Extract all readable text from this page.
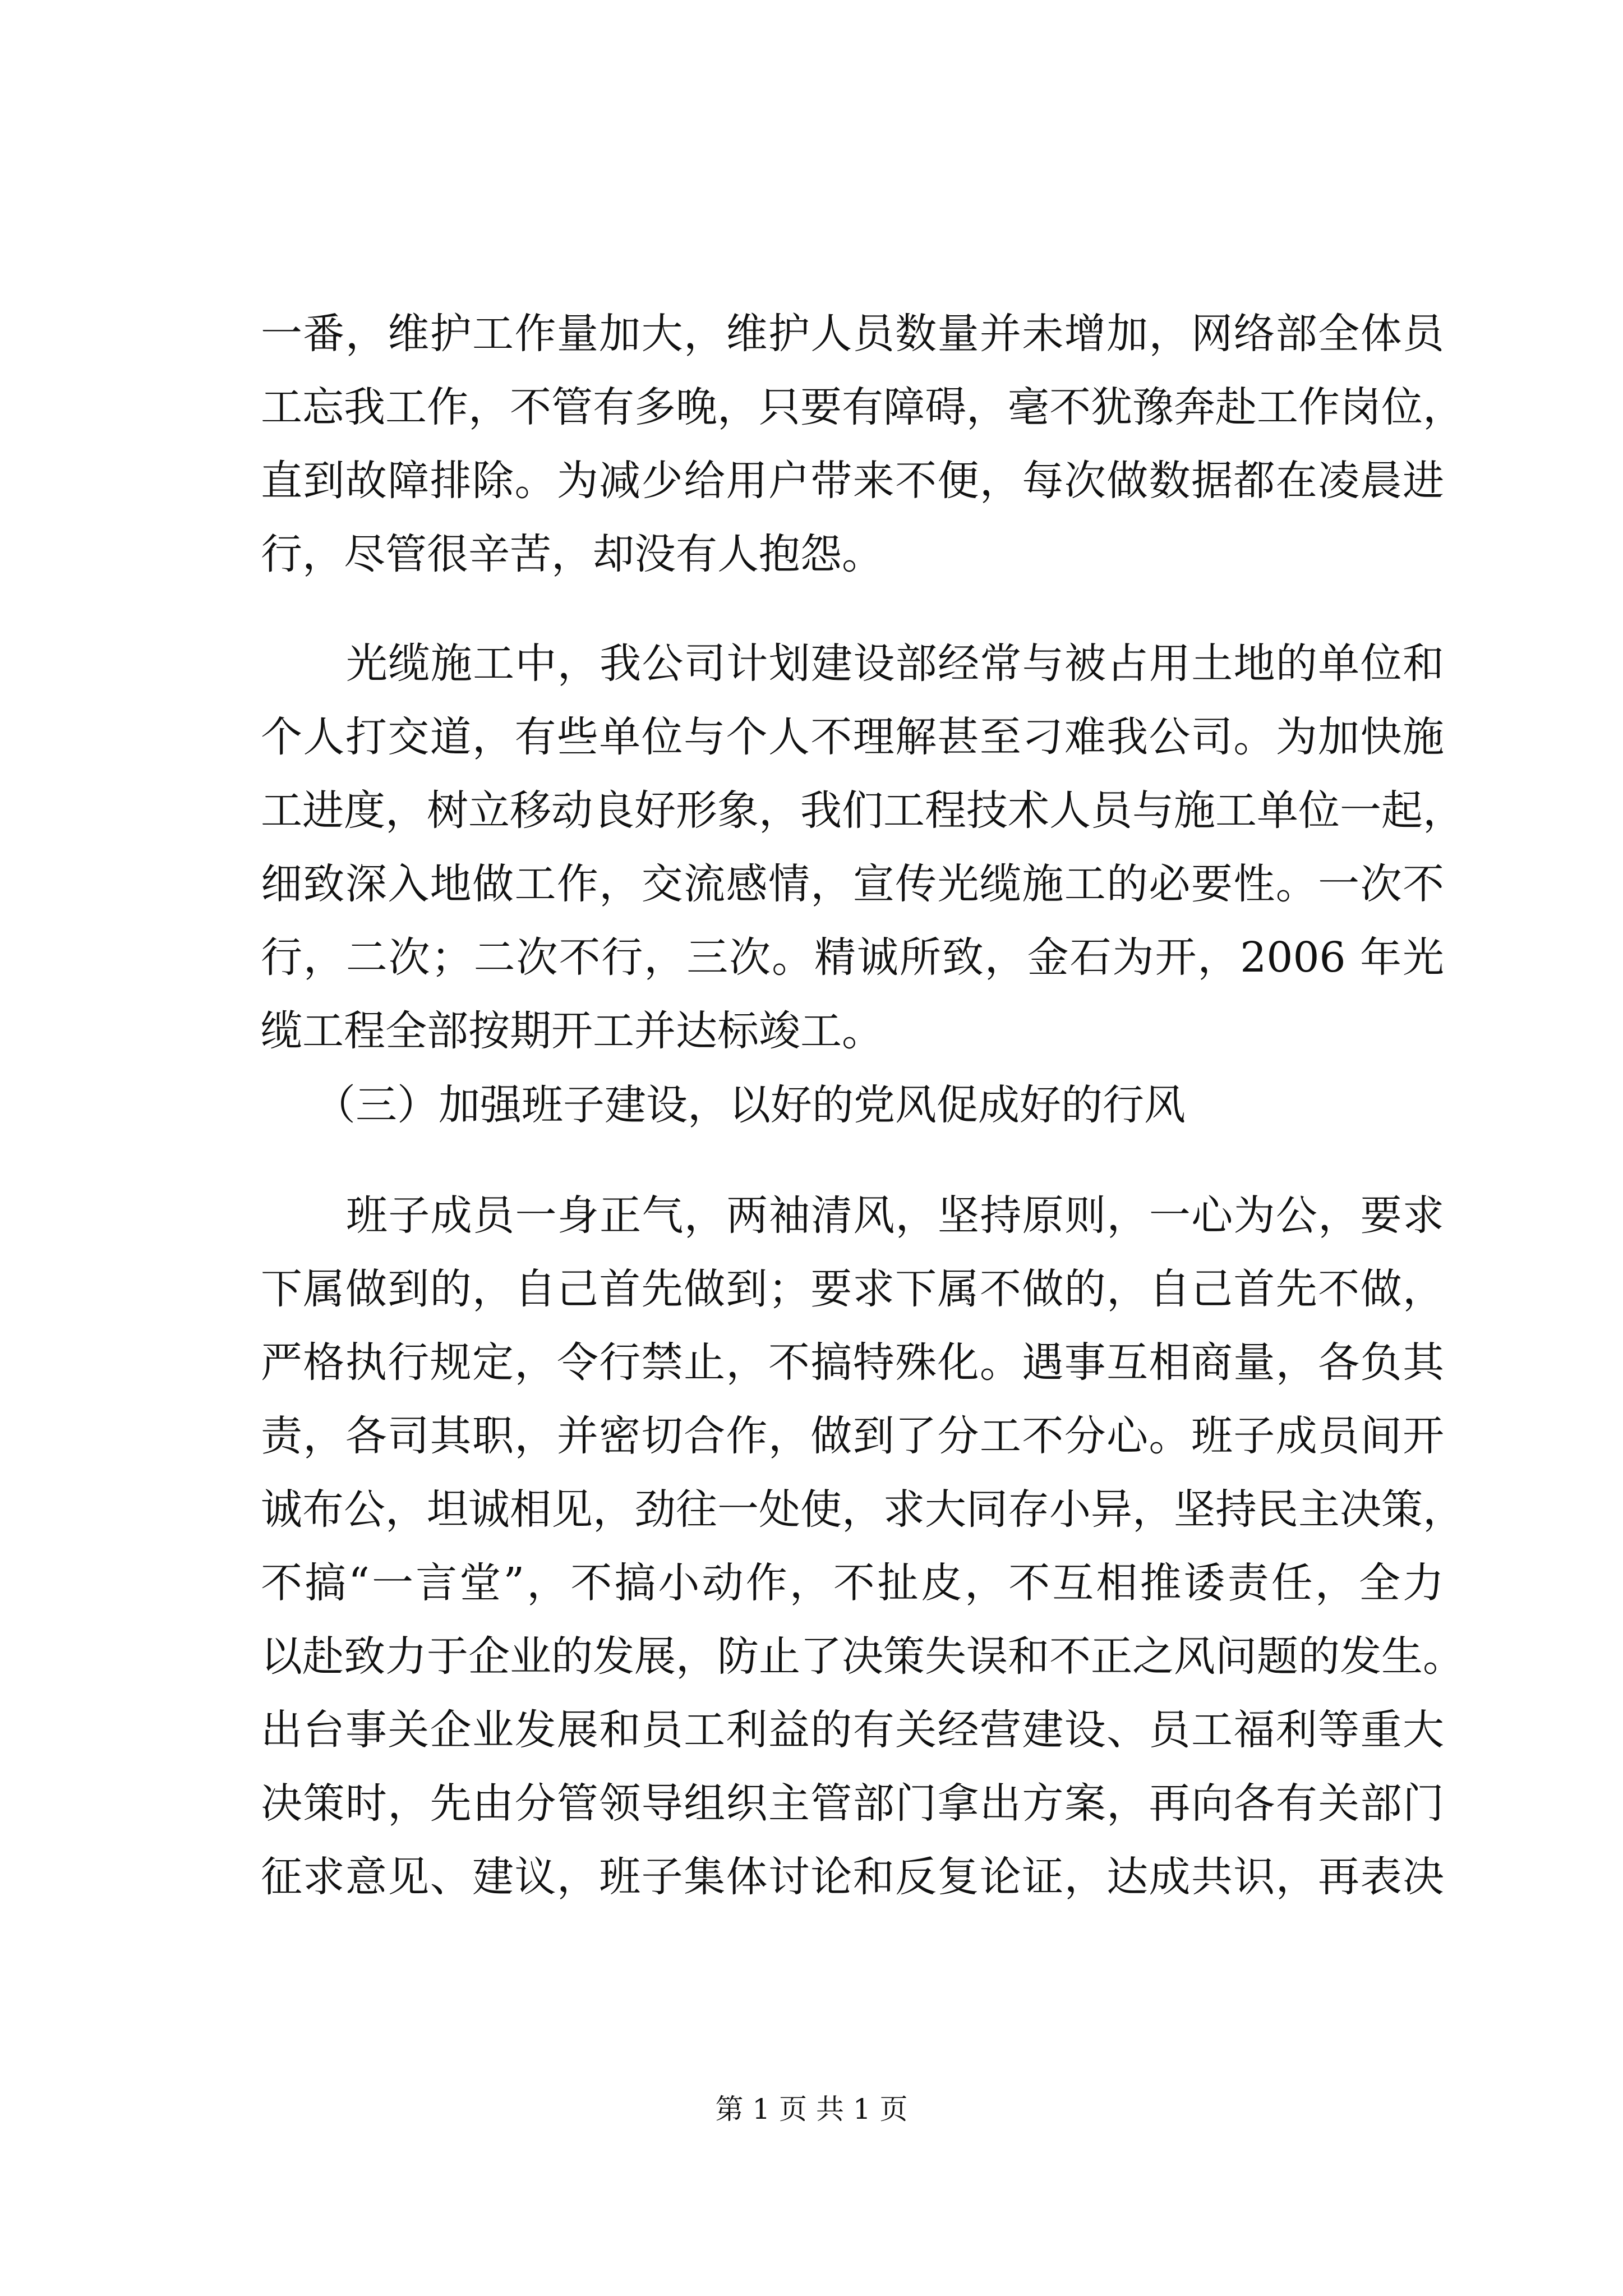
一番，维护工作量加大，维护人员数量并未增加，网络部全体员
工忘我工作，不管有多晚，只要有障碍，毫不犹豫奔赴工作岗位，
直到故障排除。为减少给用户带来不便，每次做数据都在凌晨进
行，尽管很辛苦，却没有人抱怨。
光缆施工中，我公司计划建设部经常与被占用土地的单位和
个人打交道，有些单位与个人不理解甚至刁难我公司。为加快施
工进度，树立移动良好形象，我们工程技术人员与施工单位一起，
细致深入地做工作，交流感情，宣传光缆施工的必要性。一次不
行，二次；二次不行，三次。精诚所致，金石为开，2006 年光
缆工程全部按期开工并达标竣工。
（三）加强班子建设，以好的党风促成好的行风
班子成员一身正气，两袖清风，坚持原则，一心为公，要求
下属做到的，自己首先做到；要求下属不做的，自己首先不做，
严格执行规定，令行禁止，不搞特殊化。遇事互相商量，各负其
责，各司其职，并密切合作，做到了分工不分心。班子成员间开
诚布公，坦诚相见，劲往一处使，求大同存小异，坚持民主决策，
不搞“一言堂”，不搞小动作，不扯皮，不互相推诿责任，全力
以赴致力于企业的发展，防止了决策失误和不正之风问题的发生。
出台事关企业发展和员工利益的有关经营建设、员工福利等重大
决策时，先由分管领导组织主管部门拿出方案，再向各有关部门
征求意见、建议，班子集体讨论和反复论证，达成共识，再表决
第 1 页 共 1 页
